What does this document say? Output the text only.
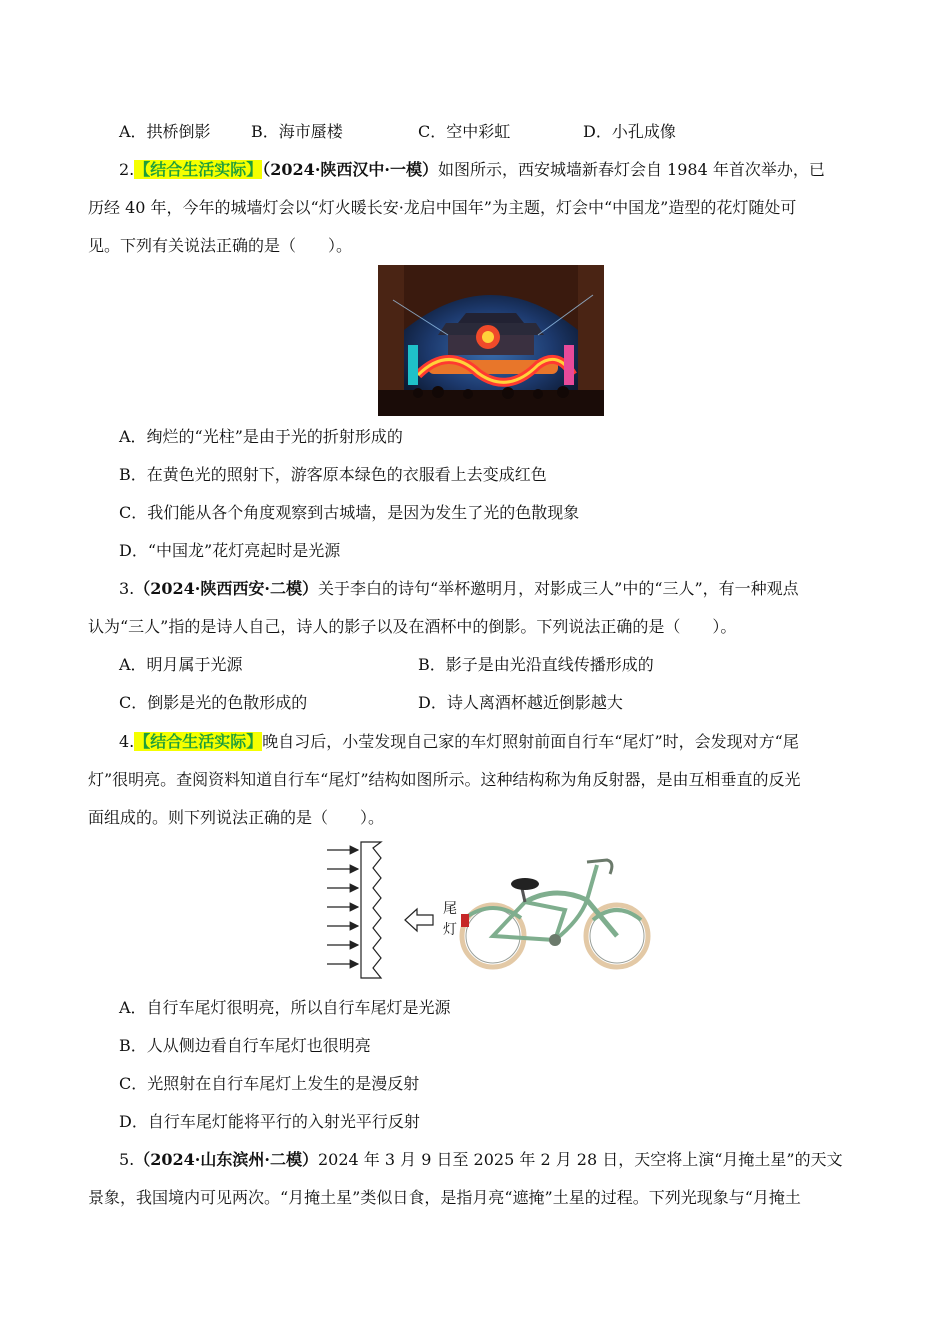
A．拱桥倒影	B．海市蜃楼	C．空中彩虹	D．小孔成像
2.【结合生活实际】（2024·陕西汉中·一模）如图所示，西安城墙新春灯会自 1984 年首次举办，已
历经 40 年，今年的城墙灯会以“灯火暖长安·龙启中国年”为主题，灯会中“中国龙”造型的花灯随处可
见。下列有关说法正确的是（　　）。
A．绚烂的“光柱”是由于光的折射形成的
B．在黄色光的照射下，游客原本绿色的衣服看上去变成红色
C．我们能从各个角度观察到古城墙，是因为发生了光的色散现象
D．“中国龙”花灯亮起时是光源
3.（2024·陕西西安·二模）关于李白的诗句“举杯邀明月，对影成三人”中的“三人”，有一种观点
认为“三人”指的是诗人自己，诗人的影子以及在酒杯中的倒影。下列说法正确的是（　　）。
A．明月属于光源	B．影子是由光沿直线传播形成的
C．倒影是光的色散形成的	D．诗人离酒杯越近倒影越大
4.【结合生活实际】晚自习后，小莹发现自己家的车灯照射前面自行车“尾灯”时，会发现对方“尾
灯”很明亮。查阅资料知道自行车“尾灯”结构如图所示。这种结构称为角反射器，是由互相垂直的反光
面组成的。则下列说法正确的是（　　）。
尾
灯
A．自行车尾灯很明亮，所以自行车尾灯是光源
B．人从侧边看自行车尾灯也很明亮
C．光照射在自行车尾灯上发生的是漫反射
D．自行车尾灯能将平行的入射光平行反射
5.（2024·山东滨州·二模）2024 年 3 月 9 日至 2025 年 2 月 28 日，天空将上演“月掩土星”的天文
景象，我国境内可见两次。“月掩土星”类似日食，是指月亮“遮掩”土星的过程。下列光现象与“月掩土
